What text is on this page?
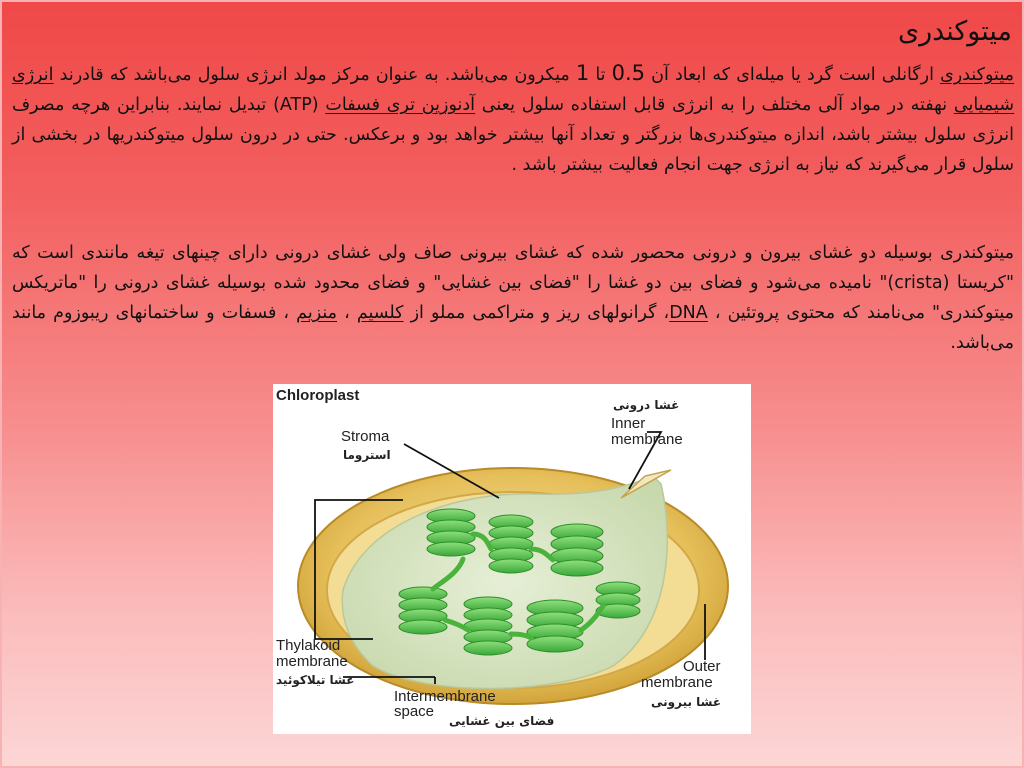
میتوکندری
میتوکندری ارگانلی است گرد یا میله‌ای که ابعاد آن 0.5 تا 1 میکرون می‌باشد. به عنوان مرکز مولد انرژی سلول می‌باشد که قادرند انرژی شیمیایی نهفته در مواد آلی مختلف را به انرژی قابل استفاده سلول یعنی آدنوزین تری فسفات (ATP) تبدیل نمایند. بنابراین هرچه مصرف انرژی سلول بیشتر باشد، اندازه میتوکندری‌ها بزرگتر و تعداد آنها بیشتر خواهد بود و برعکس. حتی در درون سلول میتوکندریها در بخشی از سلول قرار می‌گیرند که نیاز به انرژی جهت انجام فعالیت بیشتر باشد .
میتوکندری بوسیله دو غشای بیرون و درونی محصور شده که غشای بیرونی صاف ولی غشای درونی دارای چینهای تیغه مانندی است که "کریستا (crista)" نامیده می‌شود و فضای بین دو غشا را "فضای بین غشایی" و فضای محدود شده بوسیله غشای درونی را "ماتریکس میتوکندری" می‌نامند که محتوی پروتئین ، DNA، گرانولهای ریز و متراکمی مملو از کلسیم ، منزیم ، فسفات و ساختمانهای ریبوزوم مانند می‌باشد.
Chloroplast
Stroma
استروما
غشا درونی
Inner
membrane
Thylakoid
membrane
غشا تیلاکوئید
Intermembrane
space
فضای بین غشایی
Outer
membrane
غشا بیرونی
